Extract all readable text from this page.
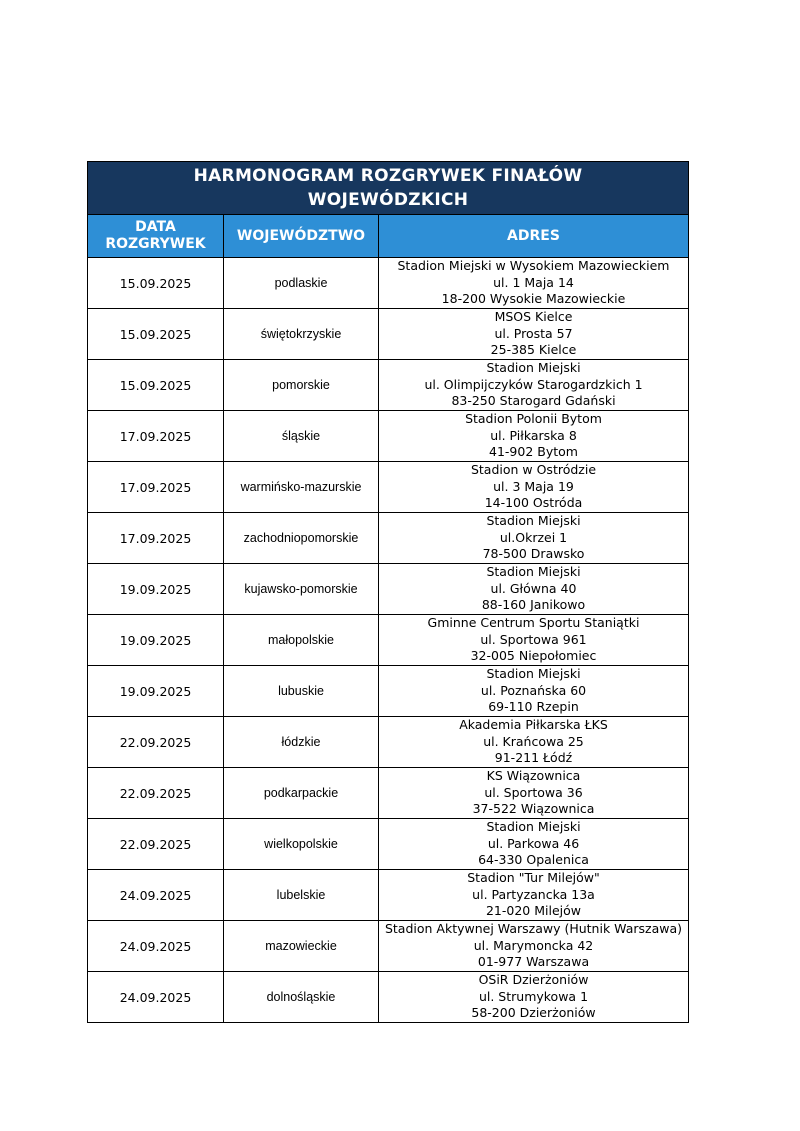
HARMONOGRAM ROZGRYWEK FINAŁÓW WOJEWÓDZKICH		

DATA ROZGRYWEK	WOJEWÓDZTWO	ADRES
15.09.2025	podlaskie	Stadion Miejski w Wysokiem Mazowieckiem
ul. 1 Maja 14
18-200 Wysokie Mazowieckie

15.09.2025	świętokrzyskie	MSOS Kielce
ul. Prosta 57
25-385 Kielce

15.09.2025	pomorskie	Stadion Miejski
ul. Olimpijczyków Starogardzkich 1
83-250 Starogard Gdański

17.09.2025	śląskie	Stadion Polonii Bytom
ul. Piłkarska 8
41-902 Bytom

17.09.2025	warmińsko-mazurskie	Stadion w Ostródzie
ul. 3 Maja 19
14-100 Ostróda

17.09.2025	zachodniopomorskie	Stadion Miejski
ul.Okrzei 1
78-500 Drawsko

19.09.2025	kujawsko-pomorskie	Stadion Miejski
ul. Główna 40
88-160 Janikowo

19.09.2025	małopolskie	Gminne Centrum Sportu Staniątki
ul. Sportowa 961
32-005 Niepołomiec

19.09.2025	lubuskie	Stadion Miejski
ul. Poznańska 60
69-110 Rzepin

22.09.2025	łódzkie	Akademia Piłkarska ŁKS
ul. Krańcowa 25
91-211 Łódź

22.09.2025	podkarpackie	KS Wiązownica
ul. Sportowa 36
37-522 Wiązownica

22.09.2025	wielkopolskie	Stadion Miejski
ul. Parkowa 46
64-330 Opalenica

24.09.2025	lubelskie	Stadion "Tur Milejów"
ul. Partyzancka 13a
21-020 Milejów

24.09.2025	mazowieckie	Stadion Aktywnej Warszawy (Hutnik Warszawa)
ul. Marymoncka 42
01-977 Warszawa

24.09.2025	dolnośląskie	OSiR Dzierżoniów
ul. Strumykowa 1
58-200 Dzierżoniów
